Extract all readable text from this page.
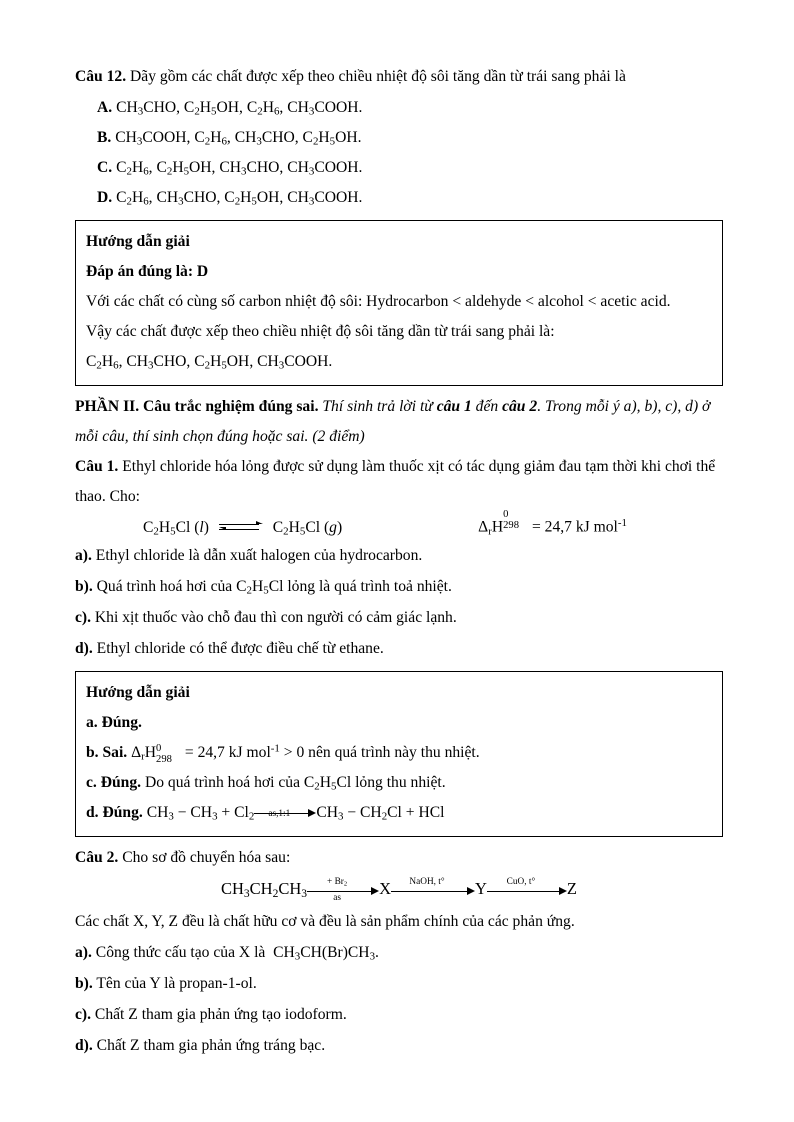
Câu 12. Dãy gồm các chất được xếp theo chiều nhiệt độ sôi tăng dần từ trái sang phải là
A. $CH_3CHO$, $C_2H_5OH$, $C_2H_6$, $CH_3COOH$.
B. $CH_3COOH$, $C_2H_6$, $CH_3CHO$, $C_2H_5OH$.
C. $C_2H_6$, $C_2H_5OH$, $CH_3CHO$, $CH_3COOH$.
D. $C_2H_6$, $CH_3CHO$, $C_2H_5OH$, $CH_3COOH$.
Hướng dẫn giải
Đáp án đúng là: D
Với các chất có cùng số carbon nhiệt độ sôi: Hydrocarbon < aldehyde < alcohol < acetic acid.
Vậy các chất được xếp theo chiều nhiệt độ sôi tăng dần từ trái sang phải là:
$C_2H_6$, $CH_3CHO$, $C_2H_5OH$, $CH_3COOH$.
PHẦN II. Câu trắc nghiệm đúng sai. Thí sinh trả lời từ câu 1 đến câu 2. Trong mỗi ý a), b), c), d) ở mỗi câu, thí sinh chọn đúng hoặc sai. (2 điểm)
Câu 1. Ethyl chloride hóa lỏng được sử dụng làm thuốc xịt có tác dụng giảm đau tạm thời khi chơi thể thao. Cho:
$C_2H_5Cl$ (l)	$C_2H_5Cl$ (g)	$\Delta_rH$
0
298 = 24,7 kJ mol$^{-1}$
a). Ethyl chloride là dẫn xuất halogen của hydrocarbon.
b). Quá trình hoá hơi của $C_2H_5Cl$ lỏng là quá trình toả nhiệt.
c). Khi xịt thuốc vào chỗ đau thì con người có cảm giác lạnh.
d). Ethyl chloride có thể được điều chế từ ethane.
Hướng dẫn giải
a. Đúng.
b. Sai. $\Delta_rH$ 0
298 = 24,7 kJ mol$^{-1}$ > 0 nên quá trình này thu nhiệt.
c. Đúng. Do quá trình hoá hơi của $C_2H_5Cl$ lỏng thu nhiệt.
d. Đúng. $CH_3 - CH_3 + Cl_2$	as,1:1	$CH_3 - CH_2Cl$ + HCl
Câu 2. Cho sơ đồ chuyển hóa sau:
$CH_3CH_2CH_3$
+ $Br_2$
as	X	NaOH, t°	Y	CuO, t°	Z
Các chất X, Y, Z đều là chất hữu cơ và đều là sản phẩm chính của các phản ứng.
a). Công thức cấu tạo của X là  $CH_3CH(Br)CH_3$.
b). Tên của Y là propan-1-ol.
c). Chất Z tham gia phản ứng tạo iodoform.
d). Chất Z tham gia phản ứng tráng bạc.
